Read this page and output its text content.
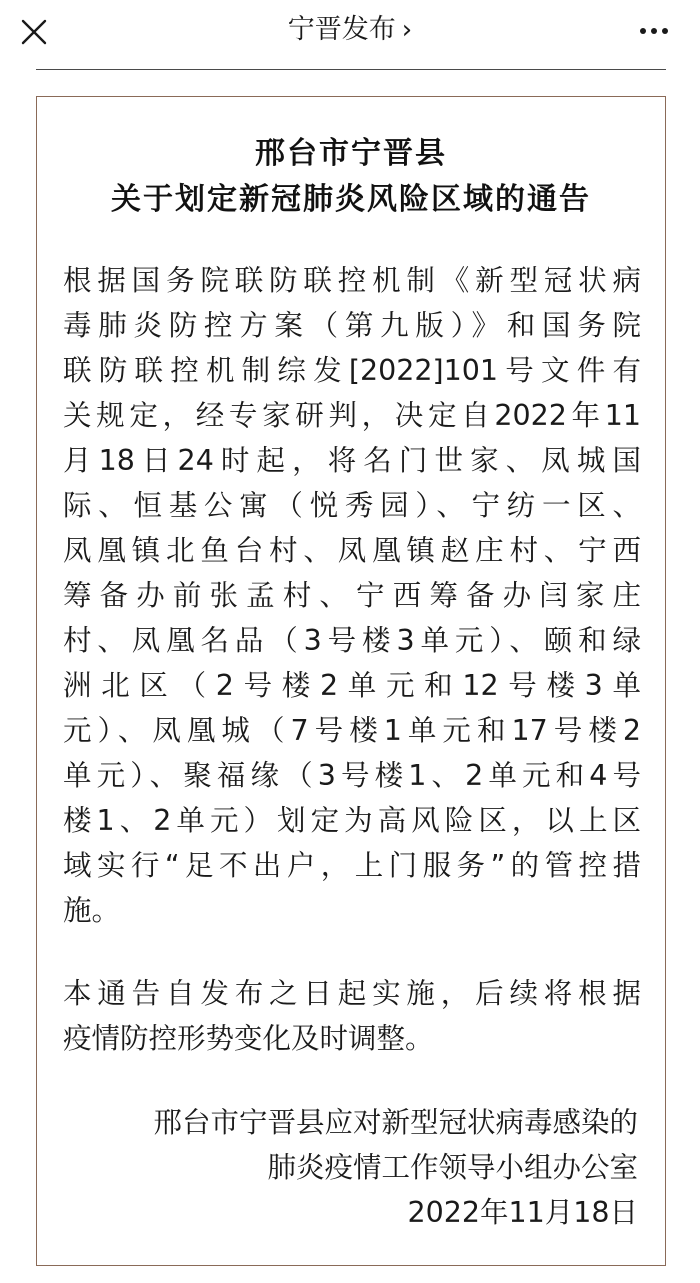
宁晋发布 ›
邢台市宁晋县
关于划定新冠肺炎风险区域的通告
根据国务院联防联控机制《新型冠状病
毒肺炎防控方案（第九版）》和国务院
联防联控机制综发[2022]101号文件有
关规定，经专家研判，决定自2022年11
月18日24时起，将名门世家、凤城国
际、恒基公寓（悦秀园）、宁纺一区、
凤凰镇北鱼台村、凤凰镇赵庄村、宁西
筹备办前张孟村、宁西筹备办闫家庄
村、凤凰名品（3号楼3单元）、颐和绿
洲北区（2号楼2单元和12号楼3单
元）、凤凰城（7号楼1单元和17号楼2
单元）、聚福缘（3号楼1、2单元和4号
楼1、2单元）划定为高风险区，以上区
域实行“足不出户，上门服务”的管控措
施。
本通告自发布之日起实施，后续将根据
疫情防控形势变化及时调整。
邢台市宁晋县应对新型冠状病毒感染的
肺炎疫情工作领导小组办公室
2022年11月18日
